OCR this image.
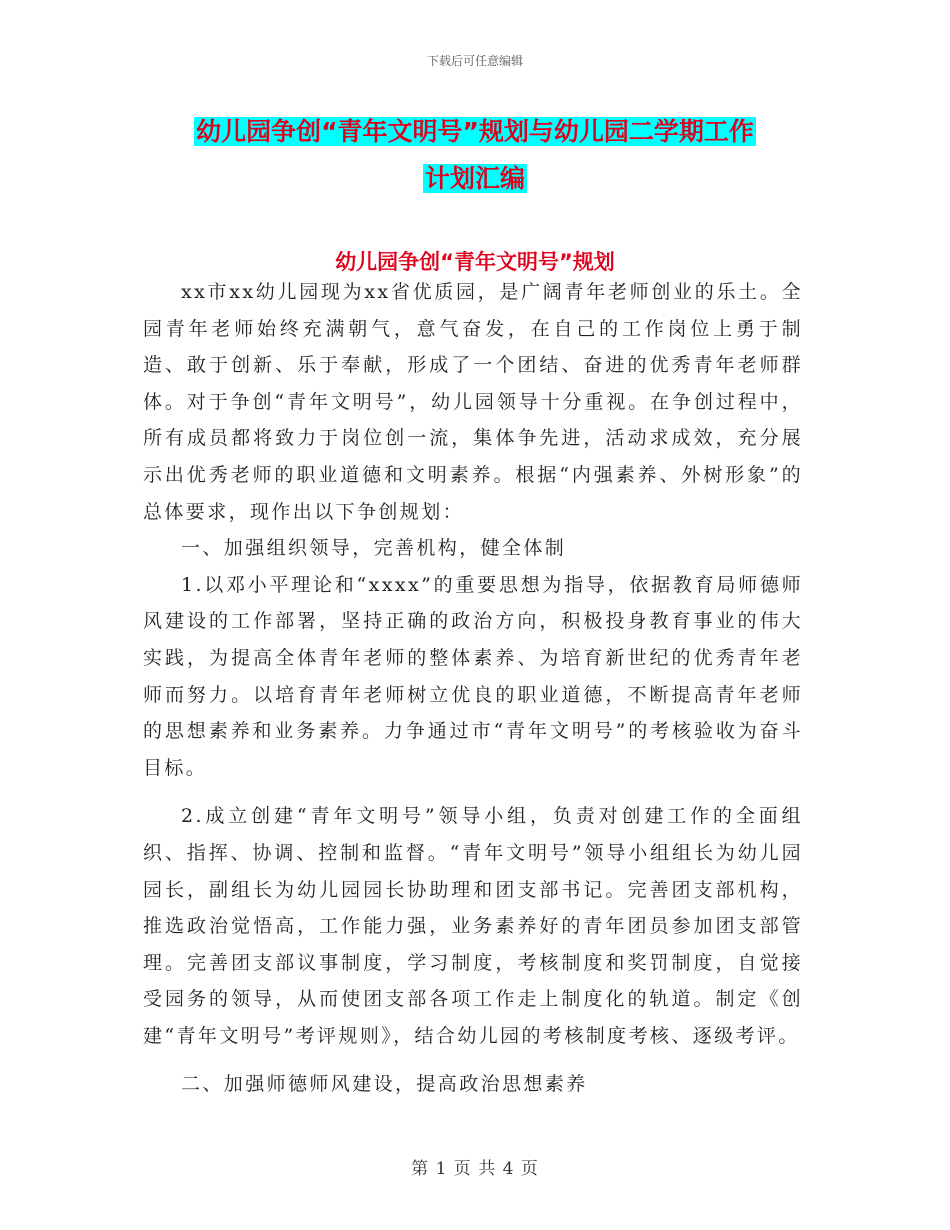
下载后可任意编辑
幼儿园争创“青年文明号”规划与幼儿园二学期工作
计划汇编
幼儿园争创“青年文明号”规划

xx市xx幼儿园现为xx省优质园，是广阔青年老师创业的乐土。全园青年老师始终充满朝气，意气奋发，在自己的工作岗位上勇于制造、敢于创新、乐于奉献，形成了一个团结、奋进的优秀青年老师群体。对于争创“青年文明号”，幼儿园领导十分重视。在争创过程中，所有成员都将致力于岗位创一流，集体争先进，活动求成效，充分展示出优秀老师的职业道德和文明素养。根据“内强素养、外树形象”的总体要求，现作出以下争创规划：

一、加强组织领导，完善机构，健全体制

1.以邓小平理论和“xxxx”的重要思想为指导，依据教育局师德师风建设的工作部署，坚持正确的政治方向，积极投身教育事业的伟大实践，为提高全体青年老师的整体素养、为培育新世纪的优秀青年老师而努力。以培育青年老师树立优良的职业道德，不断提高青年老师的思想素养和业务素养。力争通过市“青年文明号”的考核验收为奋斗目标。

2.成立创建“青年文明号”领导小组，负责对创建工作的全面组织、指挥、协调、控制和监督。“青年文明号”领导小组组长为幼儿园园长，副组长为幼儿园园长协助理和团支部书记。完善团支部机构，推选政治觉悟高，工作能力强，业务素养好的青年团员参加团支部管理。完善团支部议事制度，学习制度，考核制度和奖罚制度，自觉接受园务的领导，从而使团支部各项工作走上制度化的轨道。制定《创建“青年文明号”考评规则》，结合幼儿园的考核制度考核、逐级考评。

二、加强师德师风建设，提高政治思想素养

第 1 页 共 4 页
